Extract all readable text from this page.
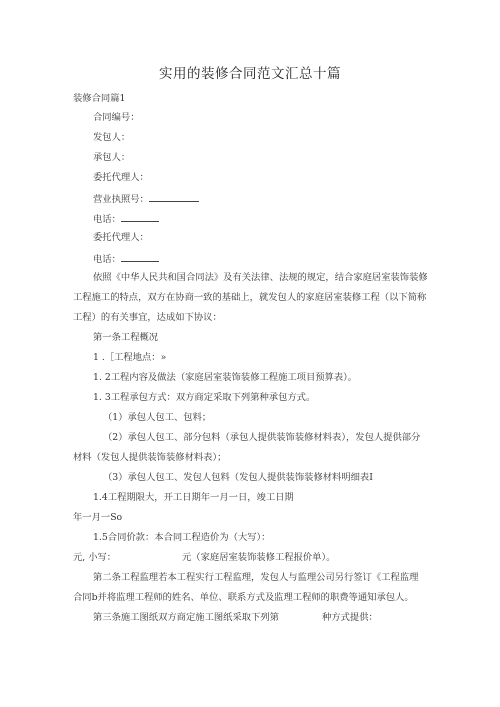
实用的装修合同范文汇总十篇
装修合同篇1
合同编号：
发包人：
承包人：
委托代理人：
营业执照号：
电话：
委托代理人：
电话：
依照《中华人民共和国合同法》及有关法律、法规的规定，结合家庭居室装饰装修
工程施工的特点，双方在协商一致的基础上，就发包人的家庭居室装修工程（以下简称
工程）的有关事宜，达成如下协议：
第一条工程概况
1 .［工程地点：»
1. 2工程内容及做法（家庭居室装饰装修工程施工项目预算表）。
1. 3工程承包方式：双方商定采取下列第种承包方式。
（1）承包人包工、包料；
（2）承包人包工、部分包料（承包人提供装饰装修材料表），发包人提供部分
材料（发包人提供装饰装修材料表）；
（3）承包人包工、发包人包料（发包人提供装饰装修材料明细表Ⅰ
1.4工程期限大，开工日期年一月一日，竣工日期
年一月一So
1.5合同价款：本合同工程造价为（大写）：
元, 小写：	元（家庭居室装饰装修工程报价单）。
第二条工程监理若本工程实行工程监理，发包人与监理公司另行签订《工程监理
合同b并将监理工程师的姓名、单位、联系方式及监理工程师的职费等通知承包人。
第三条施工图纸双方商定施工图纸采取下列第	种方式提供：
